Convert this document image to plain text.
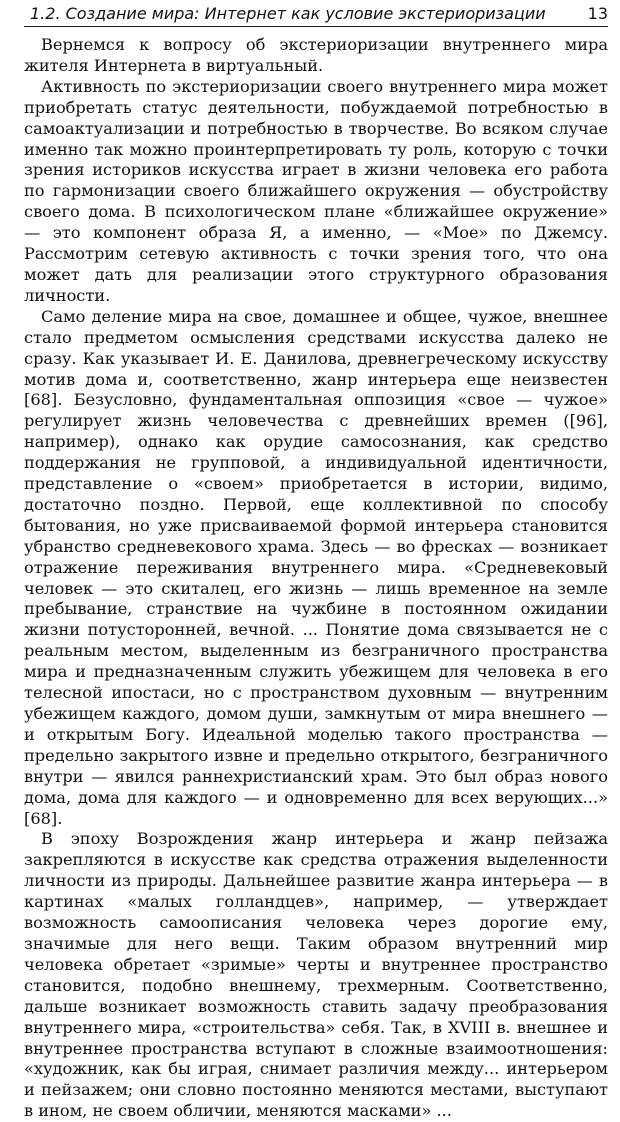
1.2. Создание мира: Интернет как условие экстериоризации	13

Вернемся к вопросу об экстериоризации внутреннего мира жителя Интернета в виртуальный.

Активность по экстериоризации своего внутреннего мира может приобретать статус деятельности, побуждаемой потребностью в самоактуализации и потребностью в творчестве. Во всяком случае именно так можно проинтерпретировать ту роль, которую с точки зрения историков искусства играет в жизни человека его работа по гармонизации своего ближайшего окружения — обустройству своего дома. В психологическом плане «ближайшее окружение» — это компонент образа Я, а именно, — «Мое» по Джемсу. Рассмотрим сетевую активность с точки зрения того, что она может дать для реализации этого структурного образования личности.

Само деление мира на свое, домашнее и общее, чужое, внешнее стало предметом осмысления средствами искусства далеко не сразу. Как указывает И. Е. Данилова, древнегреческому искусству мотив дома и, соответственно, жанр интерьера еще неизвестен [68]. Безусловно, фундаментальная оппозиция «свое — чужое» регулирует жизнь человечества с древнейших времен ([96], например), однако как орудие самосознания, как средство поддержания не групповой, а индивидуальной идентичности, представление о «своем» приобретается в истории, видимо, достаточно поздно. Первой, еще коллективной по способу бытования, но уже присваиваемой формой интерьера становится убранство средневекового храма. Здесь — во фресках — возникает отражение переживания внутреннего мира. «Средневековый человек — это скиталец, его жизнь — лишь временное на земле пребывание, странствие на чужбине в постоянном ожидании жизни потусторонней, вечной. ... Понятие дома связывается не с реальным местом, выделенным из безграничного пространства мира и предназначенным служить убежищем для человека в его телесной ипостаси, но с пространством духовным — внутренним убежищем каждого, домом души, замкнутым от мира внешнего — и открытым Богу. Идеальной моделью такого пространства — предельно закрытого извне и предельно открытого, безграничного внутри — явился раннехристианский храм. Это был образ нового дома, дома для каждого — и одновременно для всех верующих...» [68].

В эпоху Возрождения жанр интерьера и жанр пейзажа закрепляются в искусстве как средства отражения выделенности личности из природы. Дальнейшее развитие жанра интерьера — в картинах «малых голландцев», например, — утверждает возможность самоописания человека через дорогие ему, значимые для него вещи. Таким образом внутренний мир человека обретает «зримые» черты и внутреннее пространство становится, подобно внешнему, трехмерным. Соответственно, дальше возникает возможность ставить задачу преобразования внутреннего мира, «строительства» себя. Так, в XVIII в. внешнее и внутреннее пространства вступают в сложные взаимоотношения: «художник, как бы играя, снимает различия между... интерьером и пейзажем; они словно постоянно меняются местами, выступают в ином, не своем обличии, меняются масками» ...
